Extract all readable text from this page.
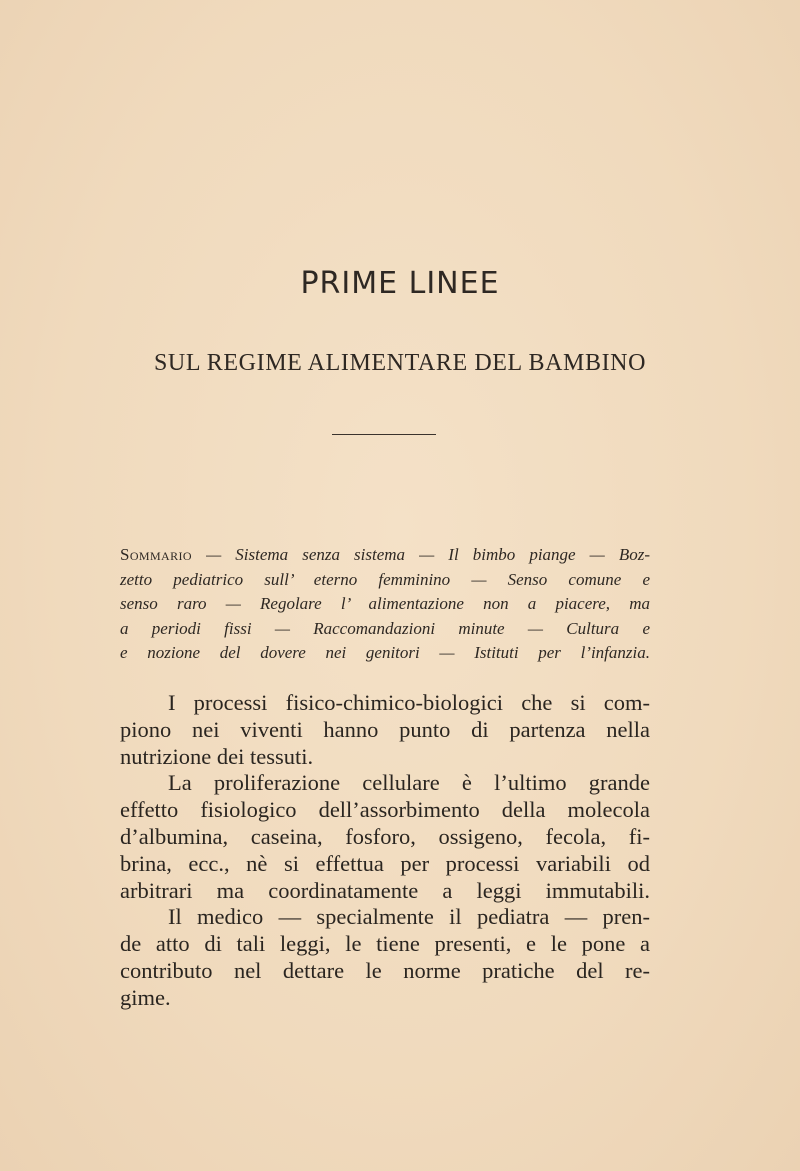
PRIME LINEE
SUL REGIME ALIMENTARE DEL BAMBINO
Sommario — Sistema senza sistema — Il bimbo piange — Boz-
zetto pediatrico sull’ eterno femminino — Senso comune e
senso raro — Regolare l’ alimentazione non a piacere, ma
a periodi fissi — Raccomandazioni minute — Cultura e
e nozione del dovere nei genitori — Istituti per l’infanzia.
I processi fisico-chimico-biologici che si com-
piono nei viventi hanno punto di partenza nella
nutrizione dei tessuti.
La proliferazione cellulare è l’ultimo grande
effetto fisiologico dell’assorbimento della molecola
d’albumina, caseina, fosforo, ossigeno, fecola, fi-
brina, ecc., nè si effettua per processi variabili od
arbitrari ma coordinatamente a leggi immutabili.
Il medico — specialmente il pediatra — pren-
de atto di tali leggi, le tiene presenti, e le pone a
contributo nel dettare le norme pratiche del re-
gime.
